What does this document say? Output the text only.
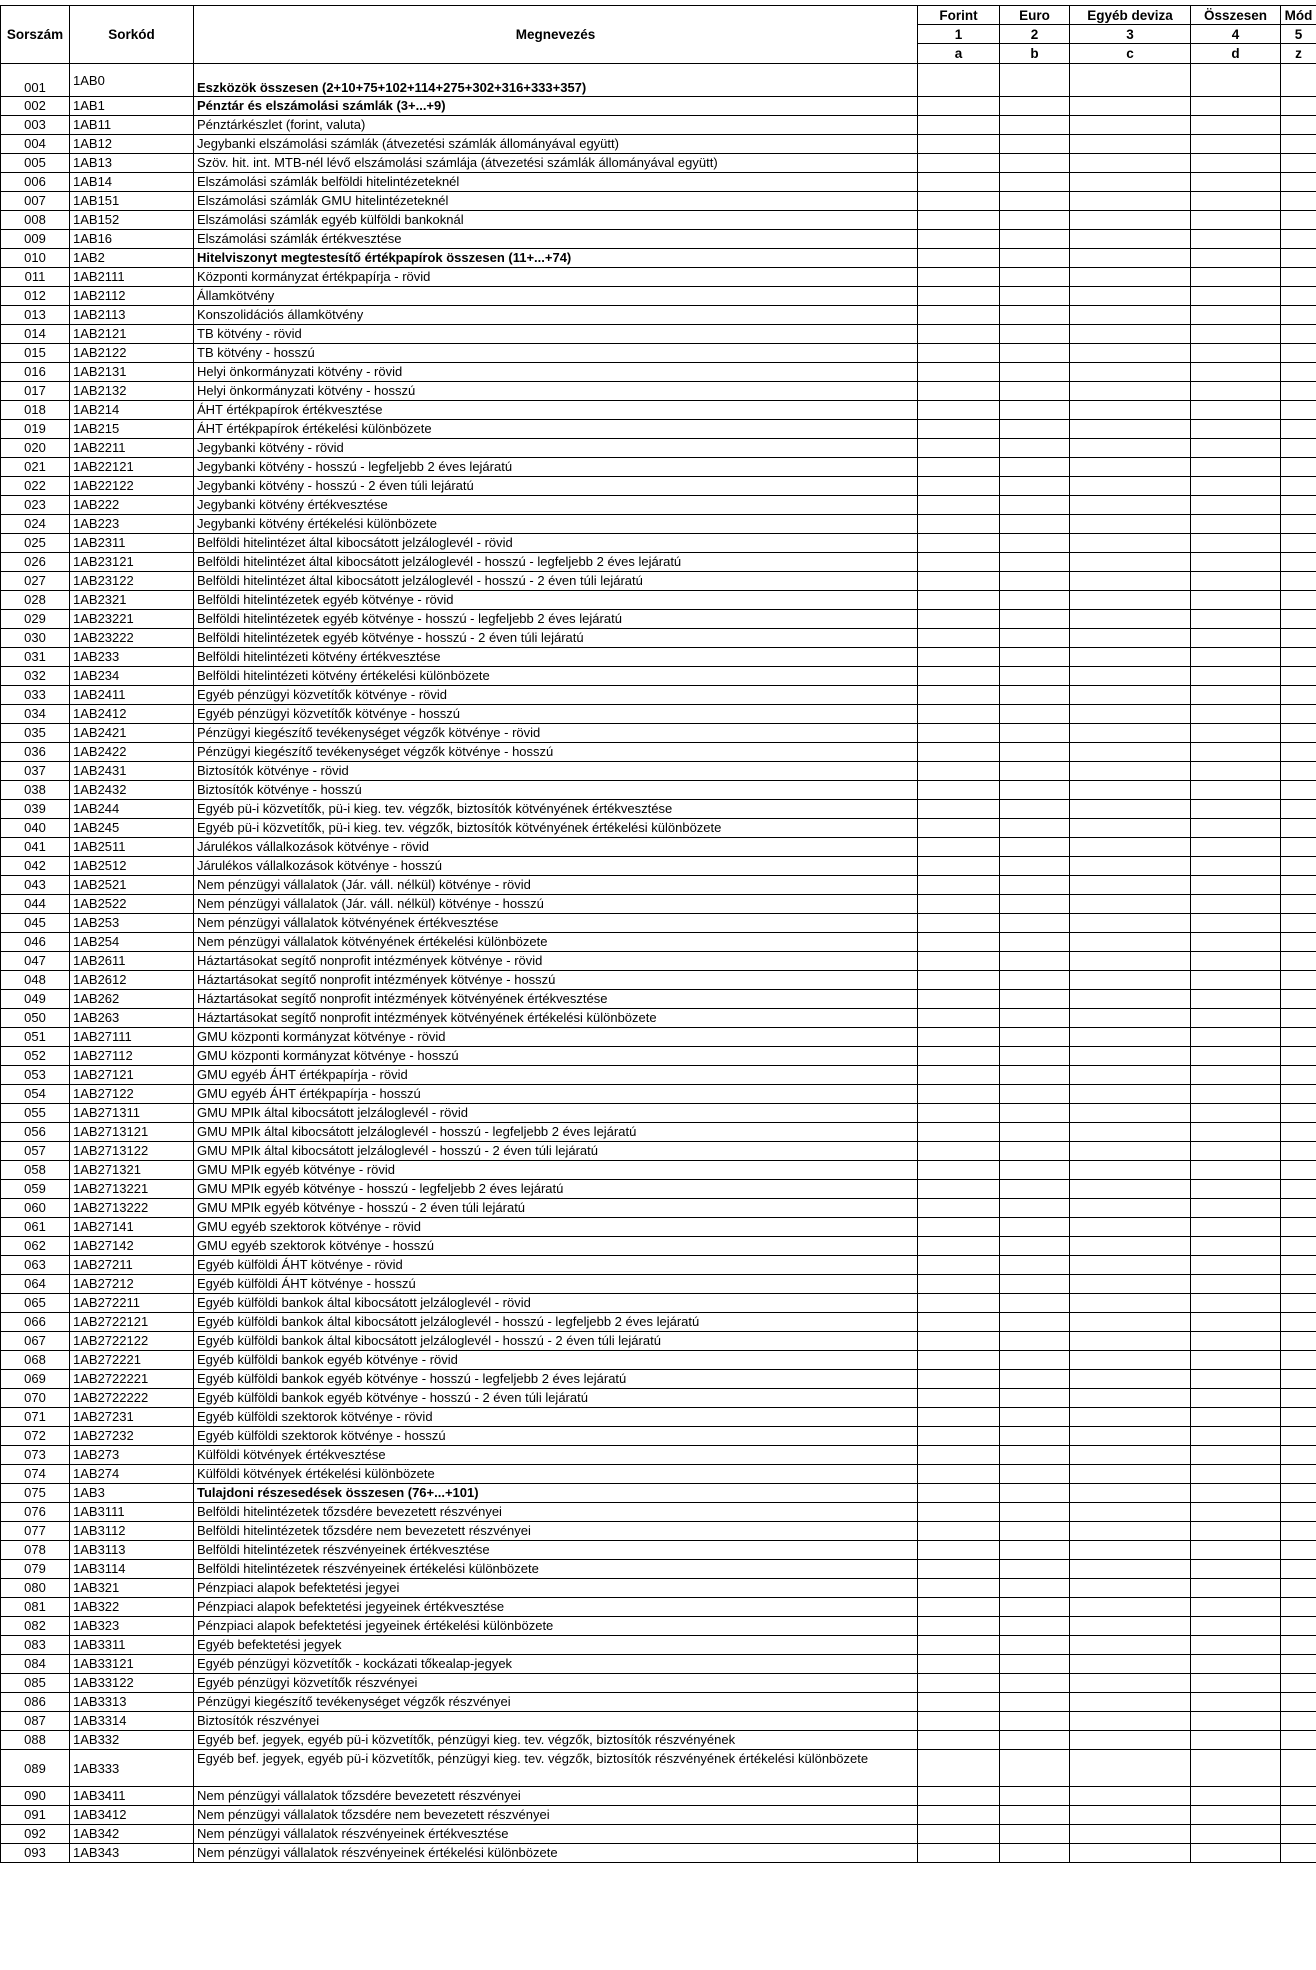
Sorszám	Sorkód	Megnevezés	Forint	Euro	Egyéb deviza	Összesen	Mód
			1	2	3	4	5
			a	b	c	d	z
001	1AB0	Eszközök összesen (2+10+75+102+114+275+302+316+333+357)					
002	1AB1	Pénztár és elszámolási számlák (3+...+9)					
003	1AB11	Pénztárkészlet (forint, valuta)					
004	1AB12	Jegybanki elszámolási számlák (átvezetési számlák állományával együtt)					
005	1AB13	Szöv. hit. int. MTB-nél lévő elszámolási számlája (átvezetési számlák állományával együtt)					
006	1AB14	Elszámolási számlák belföldi hitelintézeteknél					
007	1AB151	Elszámolási számlák GMU hitelintézeteknél					
008	1AB152	Elszámolási számlák egyéb külföldi bankoknál					
009	1AB16	Elszámolási számlák értékvesztése					
010	1AB2	Hitelviszonyt megtestesítő értékpapírok összesen (11+...+74)					
011	1AB2111	Központi kormányzat értékpapírja - rövid					
012	1AB2112	Államkötvény					
013	1AB2113	Konszolidációs államkötvény					
014	1AB2121	TB kötvény - rövid					
015	1AB2122	TB kötvény - hosszú					
016	1AB2131	Helyi önkormányzati kötvény - rövid					
017	1AB2132	Helyi önkormányzati kötvény - hosszú					
018	1AB214	ÁHT értékpapírok értékvesztése					
019	1AB215	ÁHT értékpapírok értékelési különbözete					
020	1AB2211	Jegybanki kötvény - rövid					
021	1AB22121	Jegybanki kötvény - hosszú - legfeljebb 2 éves lejáratú					
022	1AB22122	Jegybanki kötvény - hosszú - 2 éven túli lejáratú					
023	1AB222	Jegybanki kötvény értékvesztése					
024	1AB223	Jegybanki kötvény értékelési különbözete					
025	1AB2311	Belföldi hitelintézet által kibocsátott jelzáloglevél - rövid					
026	1AB23121	Belföldi hitelintézet által kibocsátott jelzáloglevél - hosszú - legfeljebb 2 éves lejáratú					
027	1AB23122	Belföldi hitelintézet által kibocsátott jelzáloglevél - hosszú - 2 éven túli lejáratú					
028	1AB2321	Belföldi hitelintézetek egyéb kötvénye - rövid					
029	1AB23221	Belföldi hitelintézetek egyéb kötvénye - hosszú - legfeljebb 2 éves lejáratú					
030	1AB23222	Belföldi hitelintézetek egyéb kötvénye - hosszú - 2 éven túli lejáratú					
031	1AB233	Belföldi hitelintézeti kötvény értékvesztése					
032	1AB234	Belföldi hitelintézeti kötvény értékelési különbözete					
033	1AB2411	Egyéb pénzügyi közvetítők kötvénye - rövid					
034	1AB2412	Egyéb pénzügyi közvetítők kötvénye - hosszú					
035	1AB2421	Pénzügyi kiegészítő tevékenységet végzők kötvénye - rövid					
036	1AB2422	Pénzügyi kiegészítő tevékenységet végzők kötvénye - hosszú					
037	1AB2431	Biztosítók kötvénye - rövid					
038	1AB2432	Biztosítók kötvénye - hosszú					
039	1AB244	Egyéb pü-i közvetítők, pü-i kieg. tev. végzők, biztosítók kötvényének értékvesztése					
040	1AB245	Egyéb pü-i közvetítők, pü-i kieg. tev. végzők, biztosítók kötvényének értékelési különbözete					
041	1AB2511	Járulékos vállalkozások kötvénye - rövid					
042	1AB2512	Járulékos vállalkozások kötvénye - hosszú					
043	1AB2521	Nem pénzügyi vállalatok (Jár. váll. nélkül) kötvénye - rövid					
044	1AB2522	Nem pénzügyi vállalatok (Jár. váll. nélkül) kötvénye - hosszú					
045	1AB253	Nem pénzügyi vállalatok kötvényének értékvesztése					
046	1AB254	Nem pénzügyi vállalatok kötvényének értékelési különbözete					
047	1AB2611	Háztartásokat segítő nonprofit intézmények kötvénye - rövid					
048	1AB2612	Háztartásokat segítő nonprofit intézmények kötvénye - hosszú					
049	1AB262	Háztartásokat segítő nonprofit intézmények kötvényének értékvesztése					
050	1AB263	Háztartásokat segítő nonprofit intézmények kötvényének értékelési különbözete					
051	1AB27111	GMU központi kormányzat kötvénye - rövid					
052	1AB27112	GMU központi kormányzat kötvénye - hosszú					
053	1AB27121	GMU egyéb ÁHT értékpapírja - rövid					
054	1AB27122	GMU egyéb ÁHT értékpapírja - hosszú					
055	1AB271311	GMU MPIk által kibocsátott jelzáloglevél - rövid					
056	1AB2713121	GMU MPIk által kibocsátott jelzáloglevél - hosszú - legfeljebb 2 éves lejáratú					
057	1AB2713122	GMU MPIk által kibocsátott jelzáloglevél - hosszú - 2 éven túli lejáratú					
058	1AB271321	GMU MPIk egyéb kötvénye - rövid					
059	1AB2713221	GMU MPIk egyéb kötvénye - hosszú - legfeljebb 2 éves lejáratú					
060	1AB2713222	GMU MPIk egyéb kötvénye - hosszú - 2 éven túli lejáratú					
061	1AB27141	GMU egyéb szektorok kötvénye - rövid					
062	1AB27142	GMU egyéb szektorok kötvénye - hosszú					
063	1AB27211	Egyéb külföldi ÁHT kötvénye - rövid					
064	1AB27212	Egyéb külföldi ÁHT kötvénye - hosszú					
065	1AB272211	Egyéb külföldi bankok által kibocsátott jelzáloglevél - rövid					
066	1AB2722121	Egyéb külföldi bankok által kibocsátott jelzáloglevél - hosszú - legfeljebb 2 éves lejáratú					
067	1AB2722122	Egyéb külföldi bankok által kibocsátott jelzáloglevél - hosszú - 2 éven túli lejáratú					
068	1AB272221	Egyéb külföldi bankok egyéb kötvénye - rövid					
069	1AB2722221	Egyéb külföldi bankok egyéb kötvénye - hosszú - legfeljebb 2 éves lejáratú					
070	1AB2722222	Egyéb külföldi bankok egyéb kötvénye - hosszú - 2 éven túli lejáratú					
071	1AB27231	Egyéb külföldi szektorok kötvénye - rövid					
072	1AB27232	Egyéb külföldi szektorok kötvénye - hosszú					
073	1AB273	Külföldi kötvények értékvesztése					
074	1AB274	Külföldi kötvények értékelési különbözete					
075	1AB3	Tulajdoni részesedések összesen (76+...+101)					
076	1AB3111	Belföldi hitelintézetek tőzsdére bevezetett részvényei					
077	1AB3112	Belföldi hitelintézetek tőzsdére nem bevezetett részvényei					
078	1AB3113	Belföldi hitelintézetek részvényeinek értékvesztése					
079	1AB3114	Belföldi hitelintézetek részvényeinek értékelési különbözete					
080	1AB321	Pénzpiaci alapok befektetési jegyei					
081	1AB322	Pénzpiaci alapok befektetési jegyeinek értékvesztése					
082	1AB323	Pénzpiaci alapok befektetési jegyeinek értékelési különbözete					
083	1AB3311	Egyéb befektetési jegyek					
084	1AB33121	Egyéb pénzügyi közvetítők - kockázati tőkealap-jegyek					
085	1AB33122	Egyéb pénzügyi közvetítők részvényei					
086	1AB3313	Pénzügyi kiegészítő tevékenységet végzők részvényei					
087	1AB3314	Biztosítók részvényei					
088	1AB332	Egyéb bef. jegyek, egyéb pü-i közvetítők, pénzügyi kieg. tev. végzők, biztosítók részvényének					
089	1AB333	Egyéb bef. jegyek, egyéb pü-i közvetítők, pénzügyi kieg. tev. végzők, biztosítók részvényének értékelési különbözete					
090	1AB3411	Nem pénzügyi vállalatok tőzsdére bevezetett részvényei					
091	1AB3412	Nem pénzügyi vállalatok tőzsdére nem bevezetett részvényei					
092	1AB342	Nem pénzügyi vállalatok részvényeinek értékvesztése					
093	1AB343	Nem pénzügyi vállalatok részvényeinek értékelési különbözete					
